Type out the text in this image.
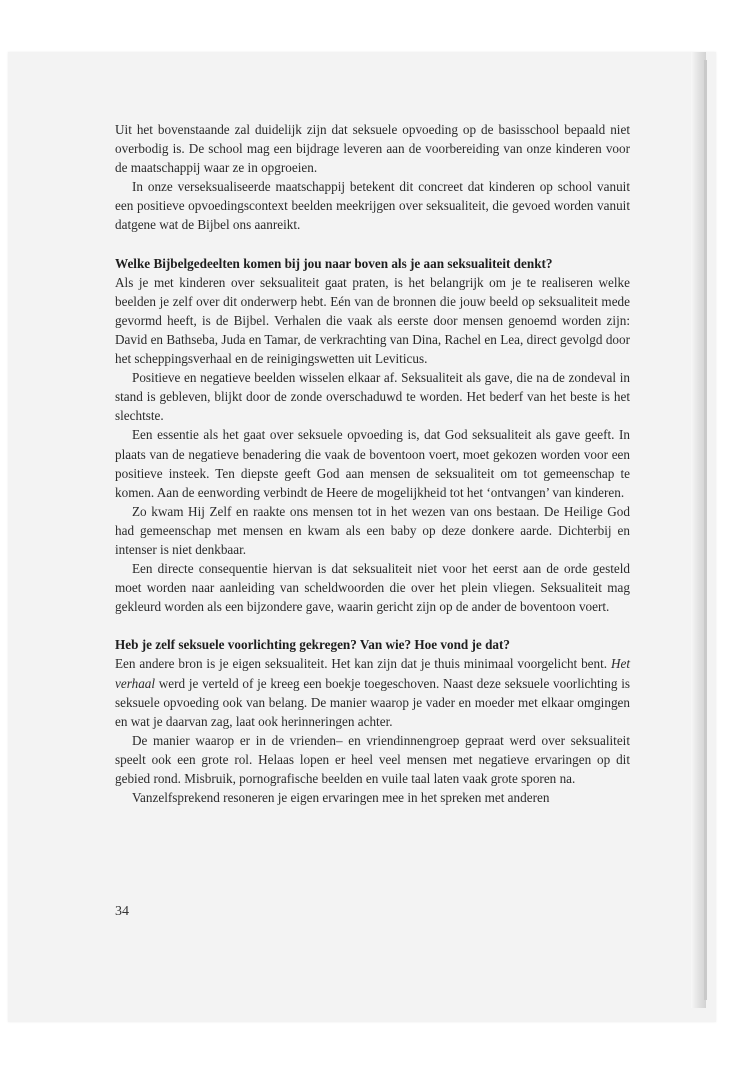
Uit het bovenstaande zal duidelijk zijn dat seksuele opvoeding op de basisschool bepaald niet overbodig is. De school mag een bijdrage leveren aan de voorbereiding van onze kinderen voor de maatschappij waar ze in opgroeien.

In onze verseksualiseerde maatschappij betekent dit concreet dat kinderen op school vanuit een positieve opvoedingscontext beelden meekrijgen over seksualiteit, die gevoed worden vanuit datgene wat de Bijbel ons aanreikt.

Welke Bijbelgedeelten komen bij jou naar boven als je aan seksualiteit denkt?

Als je met kinderen over seksualiteit gaat praten, is het belangrijk om je te realiseren welke beelden je zelf over dit onderwerp hebt. Eén van de bronnen die jouw beeld op seksualiteit mede gevormd heeft, is de Bijbel. Verhalen die vaak als eerste door mensen genoemd worden zijn: David en Bathseba, Juda en Tamar, de verkrachting van Dina, Rachel en Lea, direct gevolgd door het scheppingsverhaal en de reinigingswetten uit Leviticus.

Positieve en negatieve beelden wisselen elkaar af. Seksualiteit als gave, die na de zondeval in stand is gebleven, blijkt door de zonde overschaduwd te worden. Het bederf van het beste is het slechtste.

Een essentie als het gaat over seksuele opvoeding is, dat God seksualiteit als gave geeft. In plaats van de negatieve benadering die vaak de boventoon voert, moet gekozen worden voor een positieve insteek. Ten diepste geeft God aan mensen de seksualiteit om tot gemeenschap te komen. Aan de eenwording verbindt de Heere de mogelijkheid tot het ‘ontvangen’ van kinderen.

Zo kwam Hij Zelf en raakte ons mensen tot in het wezen van ons bestaan. De Heilige God had gemeenschap met mensen en kwam als een baby op deze donkere aarde. Dichterbij en intenser is niet denkbaar.

Een directe consequentie hiervan is dat seksualiteit niet voor het eerst aan de orde gesteld moet worden naar aanleiding van scheldwoorden die over het plein vliegen. Seksualiteit mag gekleurd worden als een bijzondere gave, waarin gericht zijn op de ander de boventoon voert.

Heb je zelf seksuele voorlichting gekregen? Van wie? Hoe vond je dat?

Een andere bron is je eigen seksualiteit. Het kan zijn dat je thuis minimaal voorgelicht bent. Het verhaal werd je verteld of je kreeg een boekje toegeschoven. Naast deze seksuele voorlichting is seksuele opvoeding ook van belang. De manier waarop je vader en moeder met elkaar omgingen en wat je daarvan zag, laat ook herinneringen achter.

De manier waarop er in de vrienden– en vriendinnengroep gepraat werd over seksualiteit speelt ook een grote rol. Helaas lopen er heel veel mensen met negatieve ervaringen op dit gebied rond. Misbruik, pornografische beelden en vuile taal laten vaak grote sporen na.

Vanzelfsprekend resoneren je eigen ervaringen mee in het spreken met anderen

34
